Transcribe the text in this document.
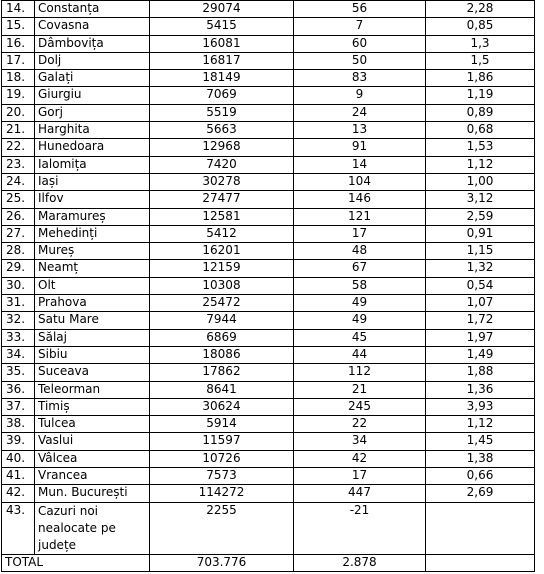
14.	Constanța	29074	56	2,28
15.	Covasna	5415	7	0,85
16.	Dâmbovița	16081	60	1,3
17.	Dolj	16817	50	1,5
18.	Galați	18149	83	1,86
19.	Giurgiu	7069	9	1,19
20.	Gorj	5519	24	0,89
21.	Harghita	5663	13	0,68
22.	Hunedoara	12968	91	1,53
23.	Ialomița	7420	14	1,12
24.	Iași	30278	104	1,00
25.	Ilfov	27477	146	3,12
26.	Maramureș	12581	121	2,59
27.	Mehedinți	5412	17	0,91
28.	Mureș	16201	48	1,15
29.	Neamț	12159	67	1,32
30.	Olt	10308	58	0,54
31.	Prahova	25472	49	1,07
32.	Satu Mare	7944	49	1,72
33.	Sălaj	6869	45	1,97
34.	Sibiu	18086	44	1,49
35.	Suceava	17862	112	1,88
36.	Teleorman	8641	21	1,36
37.	Timiș	30624	245	3,93
38.	Tulcea	5914	22	1,12
39.	Vaslui	11597	34	1,45
40.	Vâlcea	10726	42	1,38
41.	Vrancea	7573	17	0,66
42.	Mun. București	114272	447	2,69
43.	Cazuri noi
nealocate pe
județe	2255	-21	
TOTAL		703.776	2.878	
